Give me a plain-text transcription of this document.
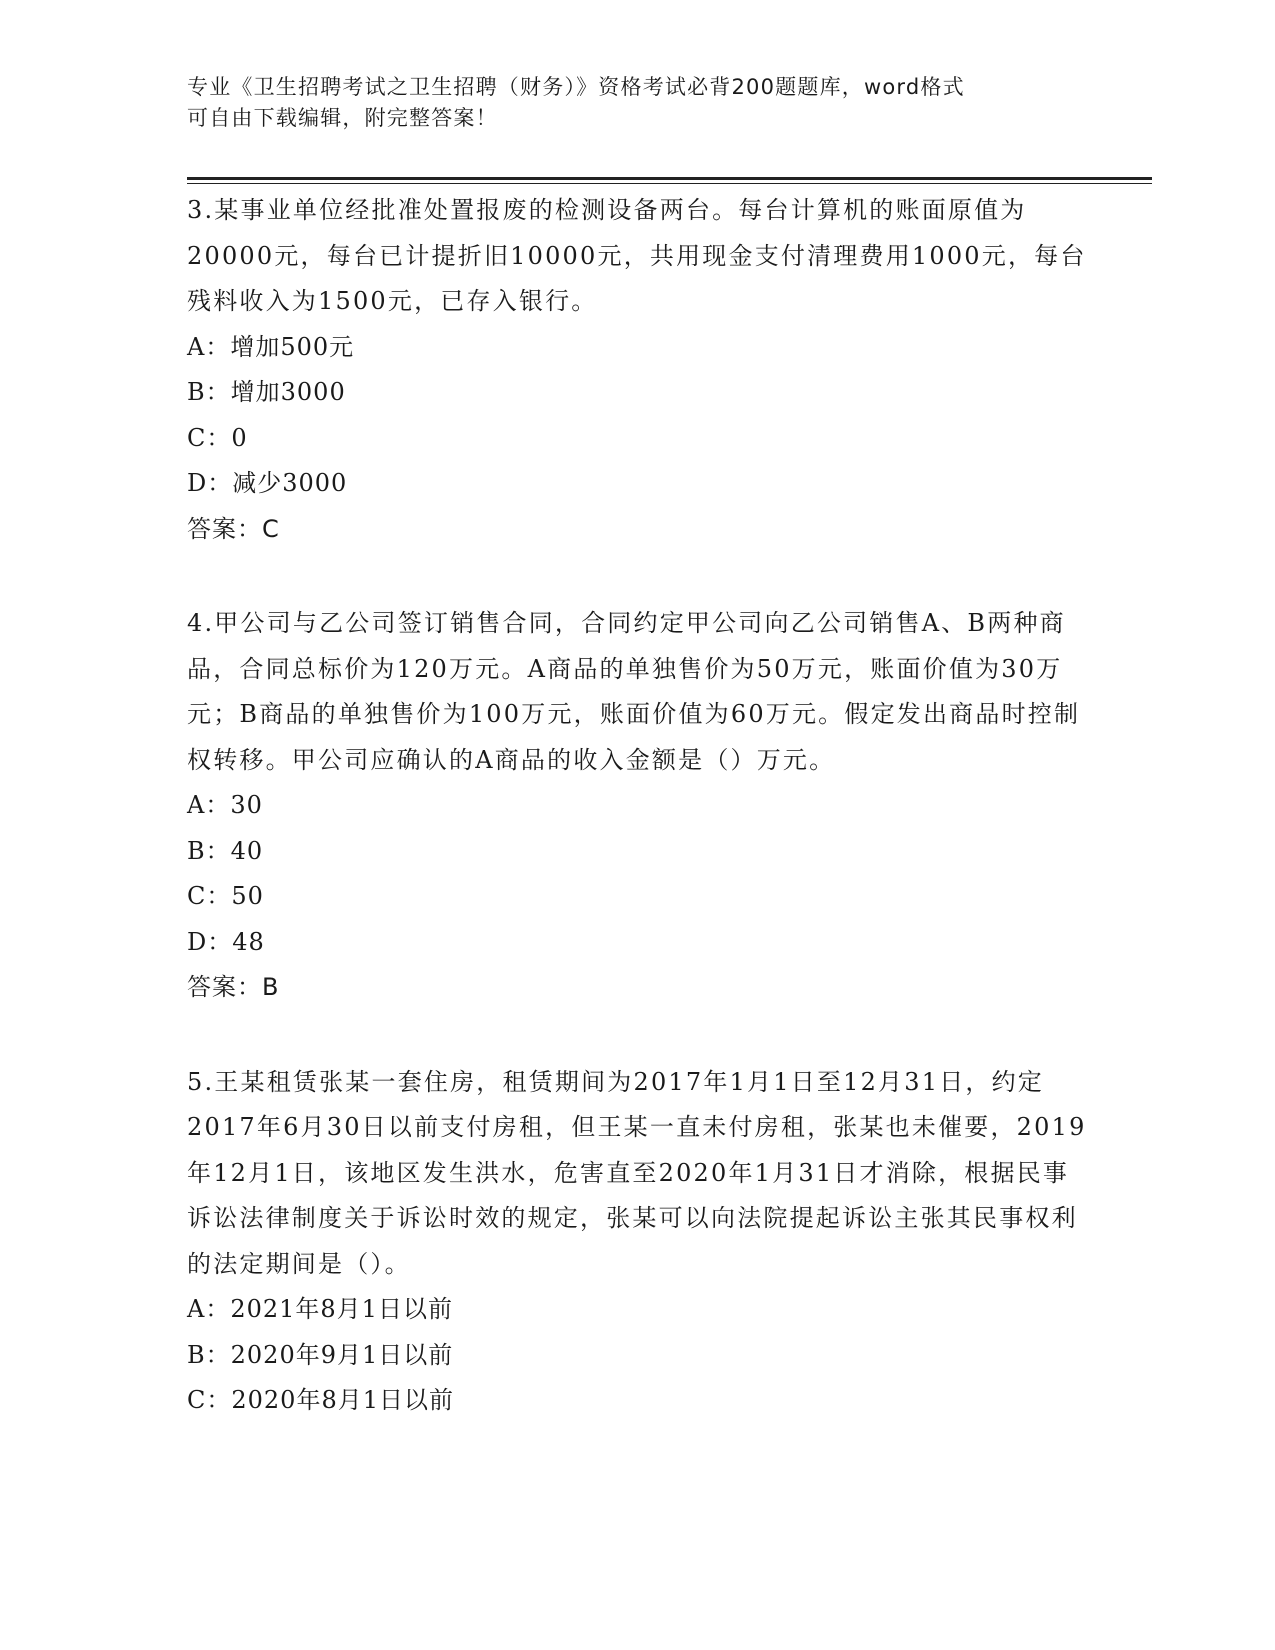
专业《卫生招聘考试之卫生招聘（财务）》资格考试必背200题题库，word格式
可自由下载编辑，附完整答案！

3.某事业单位经批准处置报废的检测设备两台。每台计算机的账面原值为20000元，每台已计提折旧10000元，共用现金支付清理费用1000元，每台残料收入为1500元，已存入银行。

A：增加500元

B：增加3000

C：0

D：减少3000

答案：C

4.甲公司与乙公司签订销售合同，合同约定甲公司向乙公司销售A、B两种商品，合同总标价为120万元。A商品的单独售价为50万元，账面价值为30万元；B商品的单独售价为100万元，账面价值为60万元。假定发出商品时控制权转移。甲公司应确认的A商品的收入金额是（）万元。

A：30

B：40

C：50

D：48

答案：B

5.王某租赁张某一套住房，租赁期间为2017年1月1日至12月31日，约定2017年6月30日以前支付房租，但王某一直未付房租，张某也未催要，2019年12月1日，该地区发生洪水，危害直至2020年1月31日才消除，根据民事诉讼法律制度关于诉讼时效的规定，张某可以向法院提起诉讼主张其民事权利的法定期间是（）。

A：2021年8月1日以前

B：2020年9月1日以前

C：2020年8月1日以前
